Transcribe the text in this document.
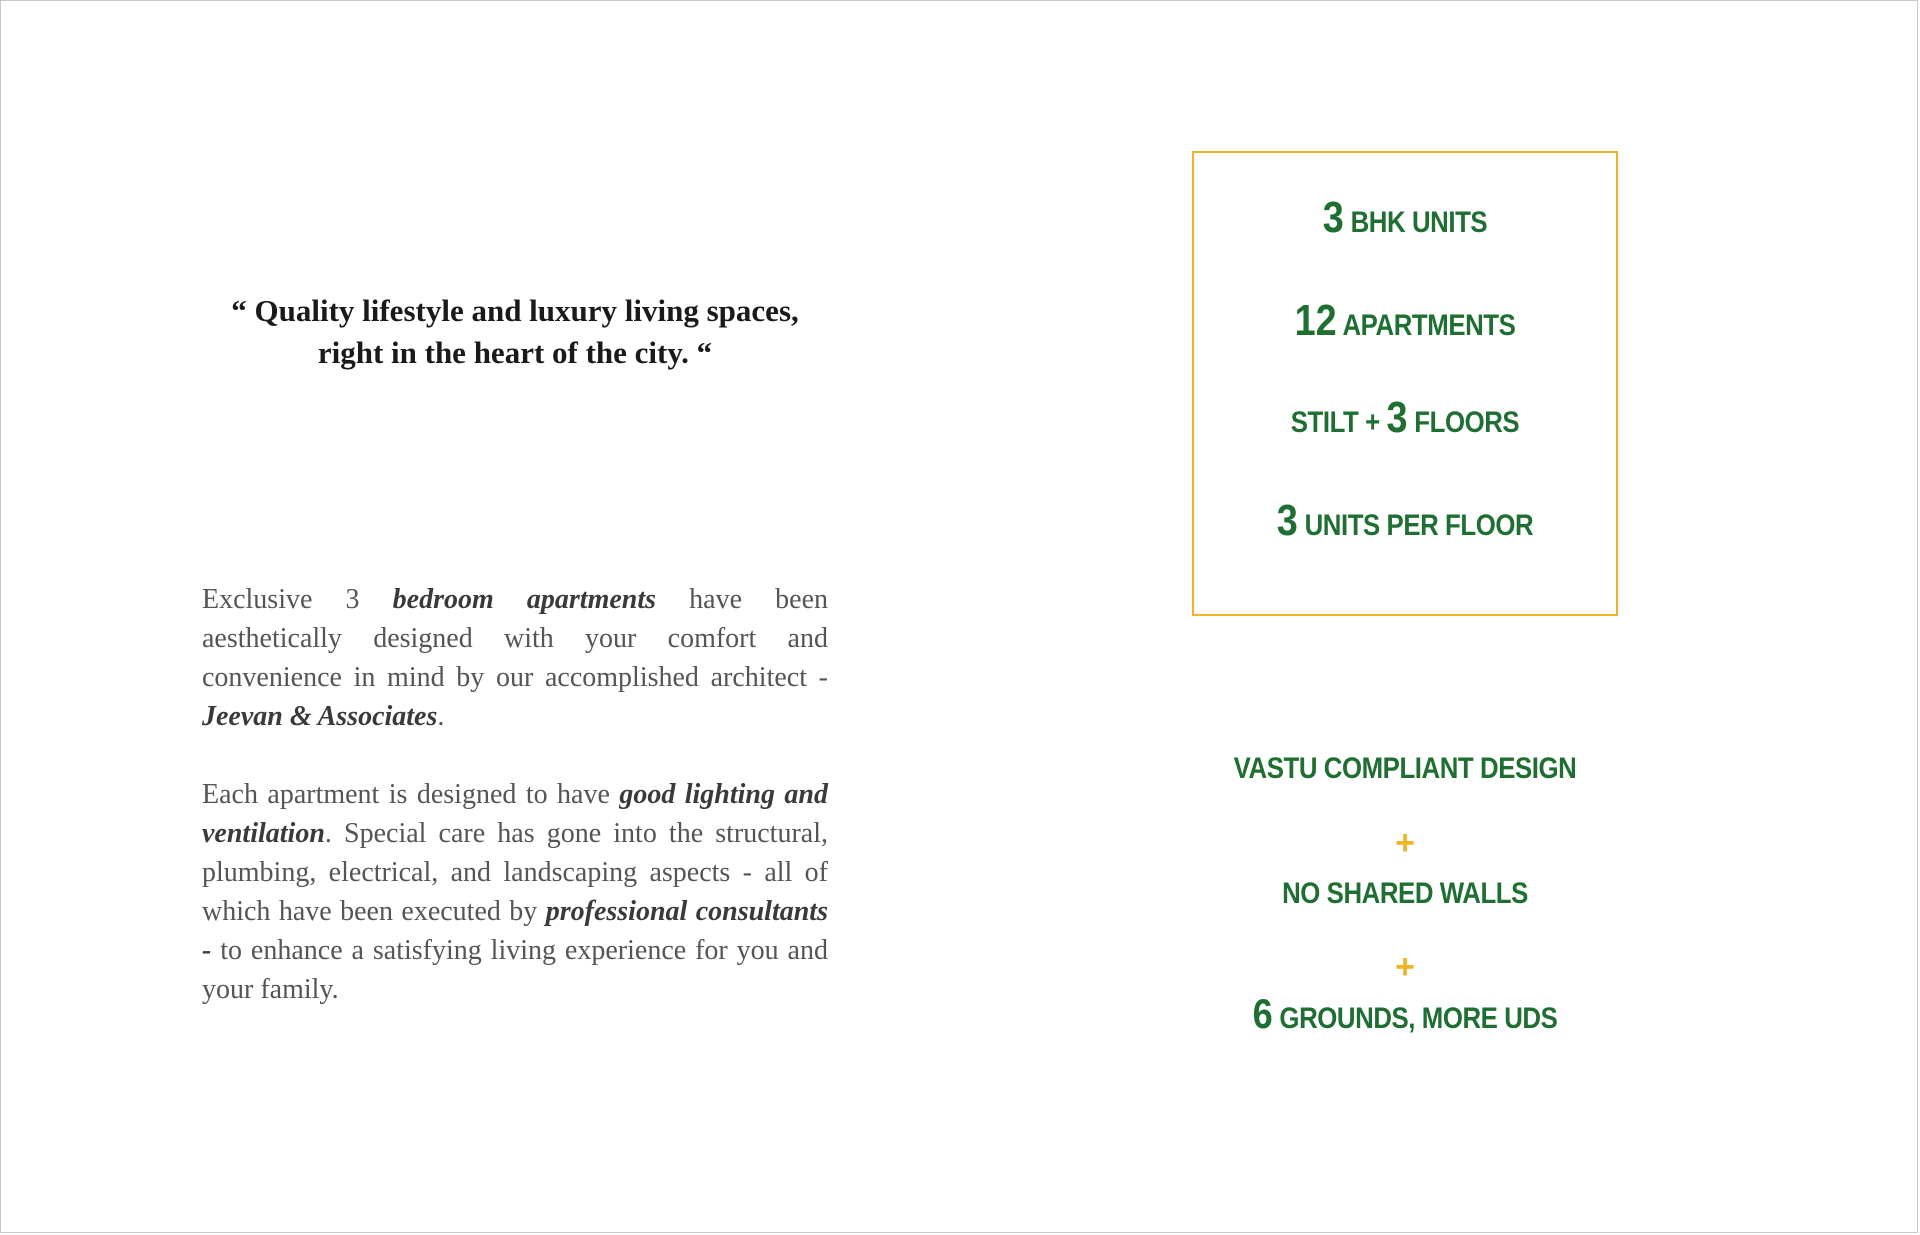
“ Quality lifestyle and luxury living spaces,
right in the heart of the city. “
Exclusive 3 bedroom apartments have been aesthetically designed with your comfort and convenience in mind by our accomplished architect - Jeevan & Associates.
Each apartment is designed to have good lighting and ventilation. Special care has gone into the structural, plumbing, electrical, and landscaping aspects - all of which have been executed by professional consultants - to enhance a satisfying living experience for you and your family.
3 BHK UNITS
12 APARTMENTS
STILT + 3 FLOORS
3 UNITS PER FLOOR
VASTU COMPLIANT DESIGN
+
NO SHARED WALLS
+
6 GROUNDS, MORE UDS
